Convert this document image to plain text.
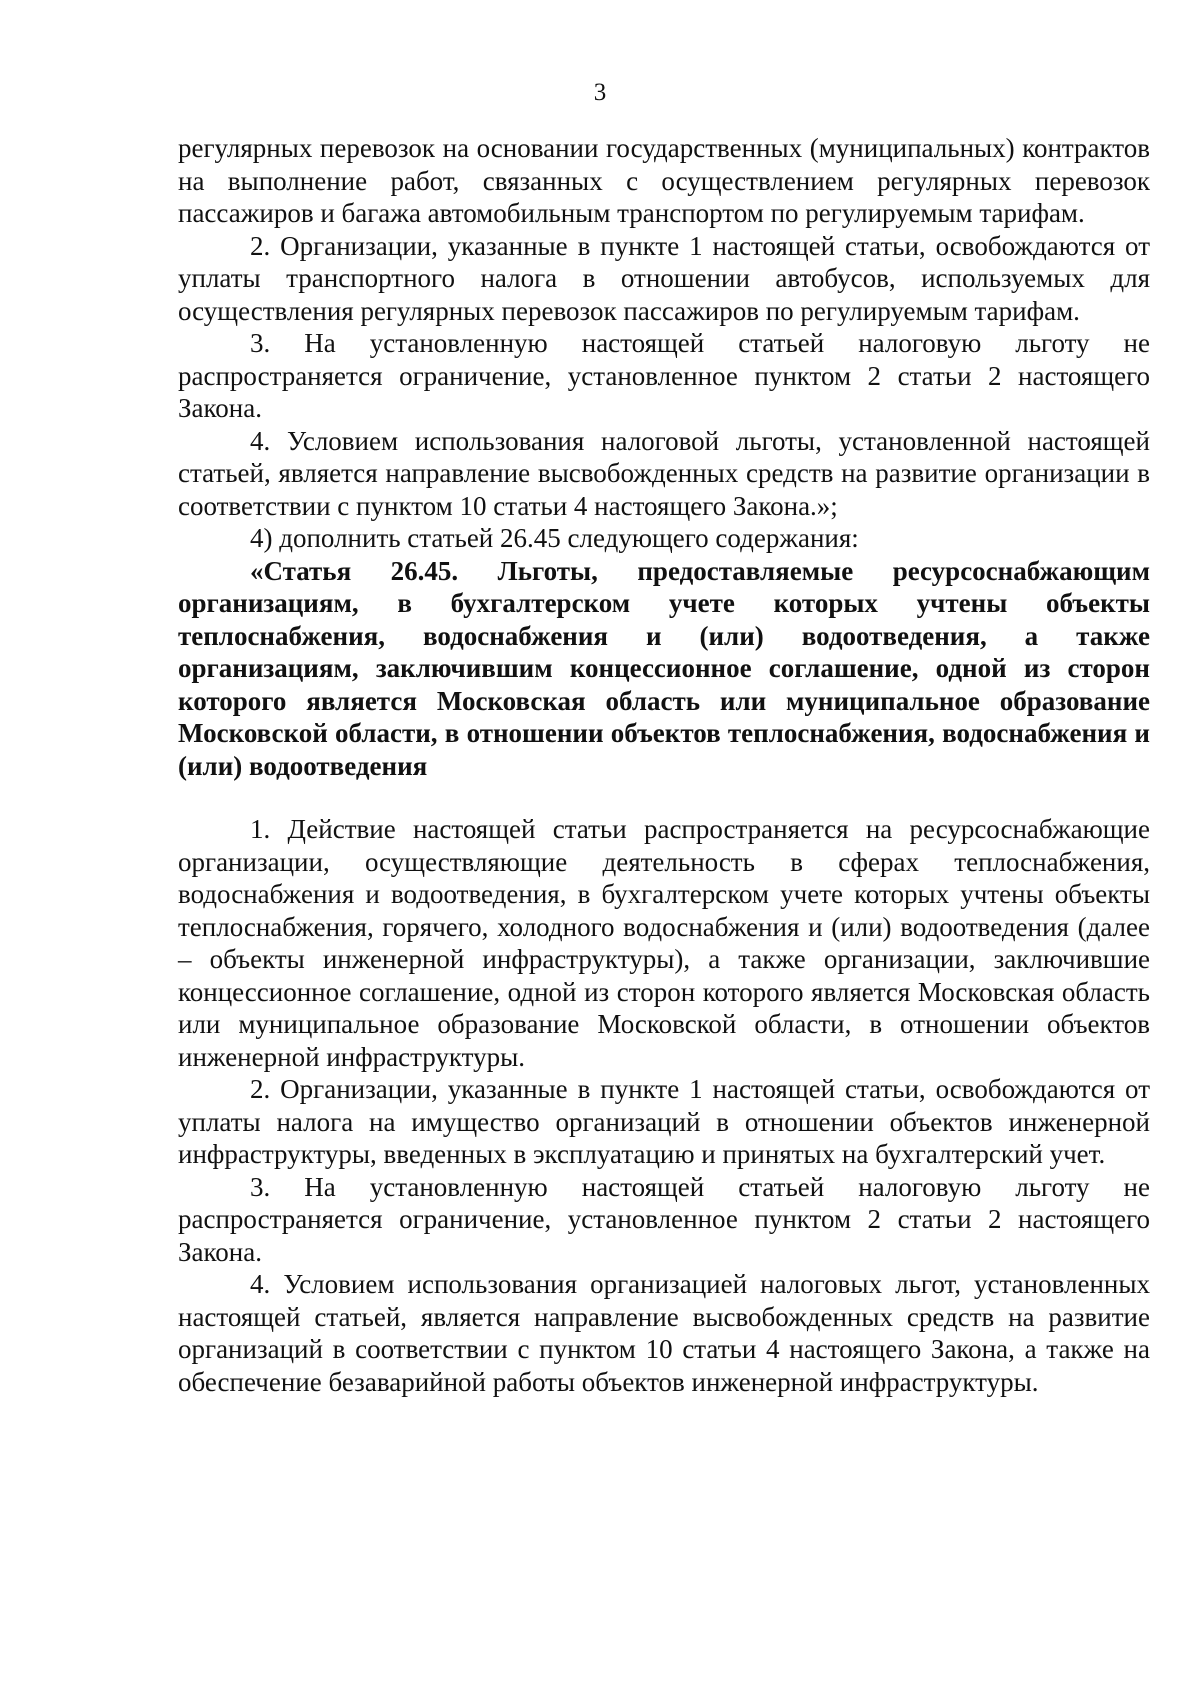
3

регулярных перевозок на основании государственных (муниципальных) контрактов на выполнение работ, связанных с осуществлением регулярных перевозок пассажиров и багажа автомобильным транспортом по регулируемым тарифам.

2. Организации, указанные в пункте 1 настоящей статьи, освобождаются от уплаты транспортного налога в отношении автобусов, используемых для осуществления регулярных перевозок пассажиров по регулируемым тарифам.

3. На установленную настоящей статьей налоговую льготу не распространяется ограничение, установленное пунктом 2 статьи 2 настоящего Закона.

4. Условием использования налоговой льготы, установленной настоящей статьей, является направление высвобожденных средств на развитие организации в соответствии с пунктом 10 статьи 4 настоящего Закона.»;

4) дополнить статьей 26.45 следующего содержания:

«Статья 26.45. Льготы, предоставляемые ресурсоснабжающим организациям, в бухгалтерском учете которых учтены объекты теплоснабжения, водоснабжения и (или) водоотведения, а также организациям, заключившим концессионное соглашение, одной из сторон которого является Московская область или муниципальное образование Московской области, в отношении объектов теплоснабжения, водоснабжения и (или) водоотведения

1. Действие настоящей статьи распространяется на ресурсоснабжающие организации, осуществляющие деятельность в сферах теплоснабжения, водоснабжения и водоотведения, в бухгалтерском учете которых учтены объекты теплоснабжения, горячего, холодного водоснабжения и (или) водоотведения (далее – объекты инженерной инфраструктуры), а также организации, заключившие концессионное соглашение, одной из сторон которого является Московская область или муниципальное образование Московской области, в отношении объектов инженерной инфраструктуры.

2. Организации, указанные в пункте 1 настоящей статьи, освобождаются от уплаты налога на имущество организаций в отношении объектов инженерной инфраструктуры, введенных в эксплуатацию и принятых на бухгалтерский учет.

3. На установленную настоящей статьей налоговую льготу не распространяется ограничение, установленное пунктом 2 статьи 2 настоящего Закона.

4. Условием использования организацией налоговых льгот, установленных настоящей статьей, является направление высвобожденных средств на развитие организаций в соответствии с пунктом 10 статьи 4 настоящего Закона, а также на обеспечение безаварийной работы объектов инженерной инфраструктуры.
